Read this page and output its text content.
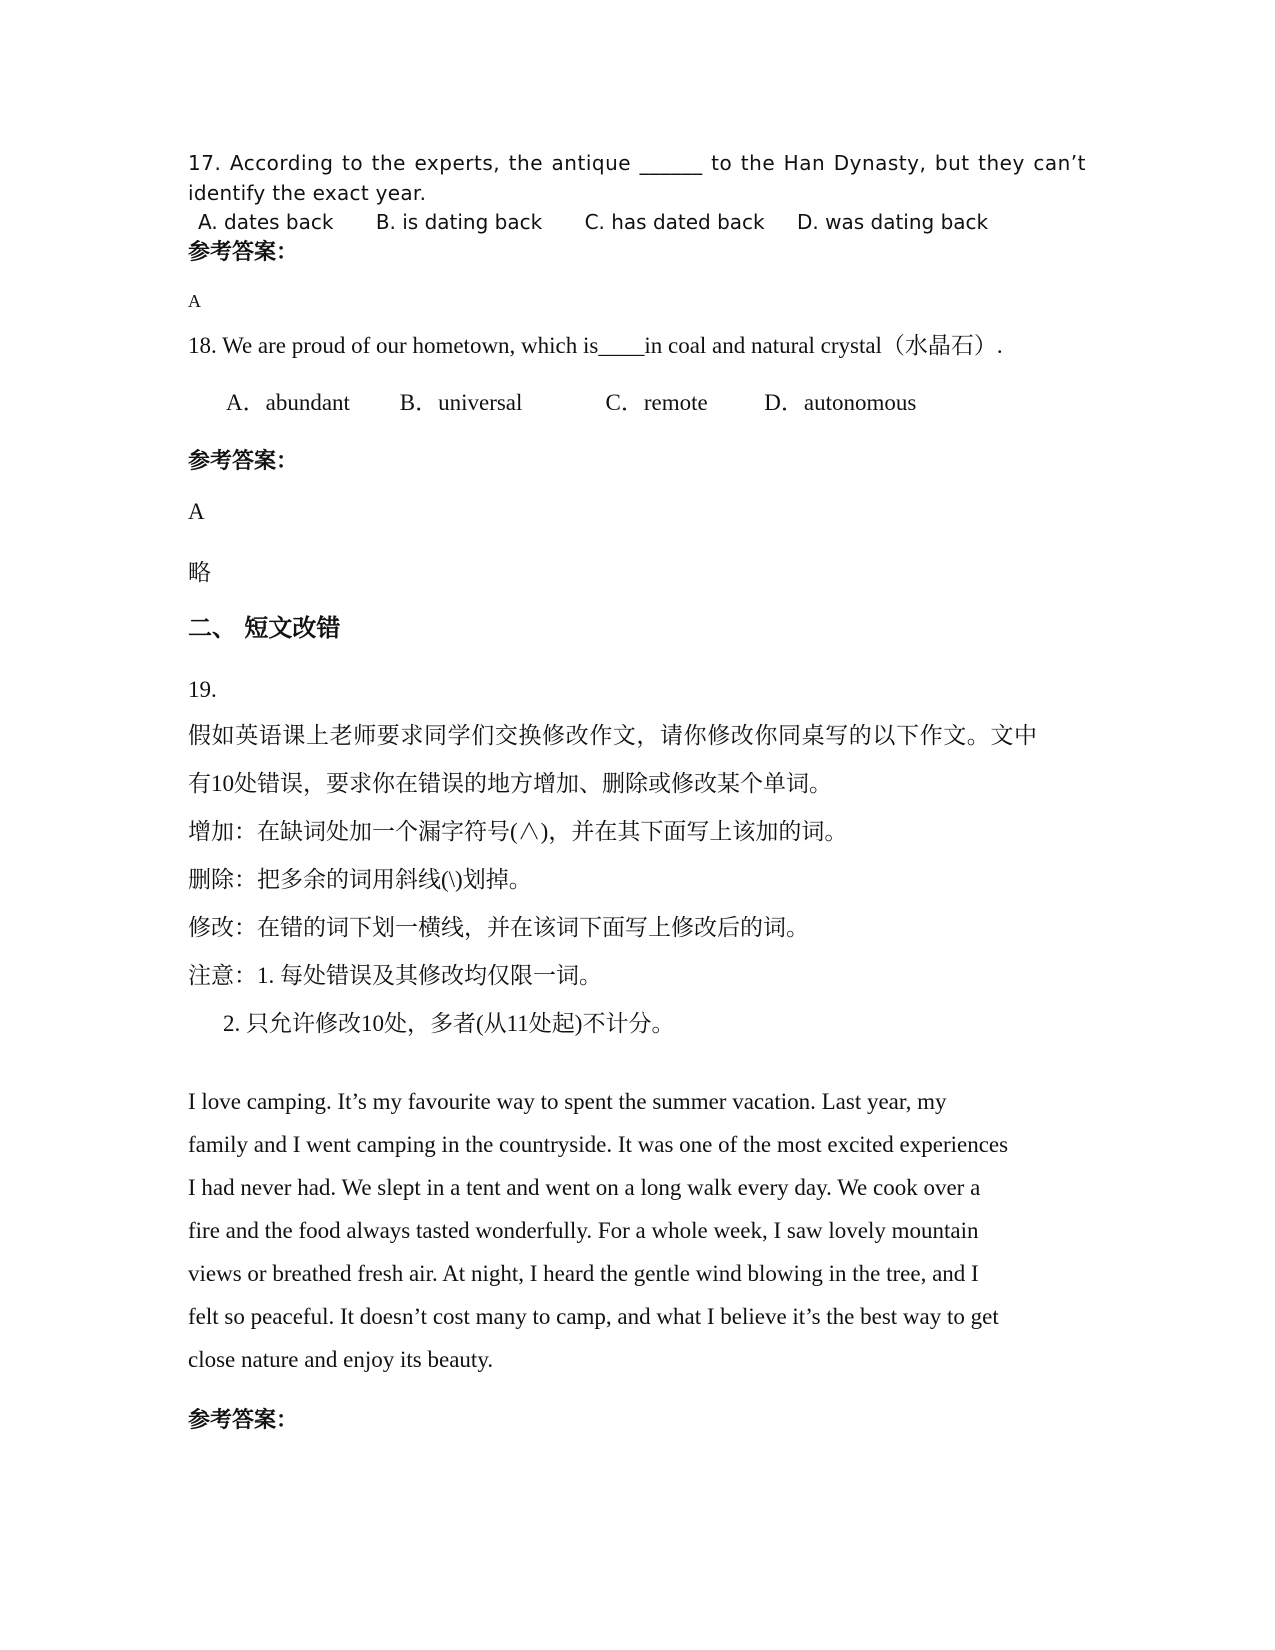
17. According to the experts, the antique ______ to the Han Dynasty, but they can’t
identify the exact year.
A. dates back B. is dating back C. has dated back D. was dating back
参考答案：
A
18. We are proud of our hometown, which is____in coal and natural crystal（水晶石）.
A．abundant B．universal	C．remote D．autonomous
参考答案：
A
略
二、 短文改错
19.
假如英语课上老师要求同学们交换修改作文，请你修改你同桌写的以下作文。文中
有10处错误，要求你在错误的地方增加、删除或修改某个单词。
增加：在缺词处加一个漏字符号(∧)，并在其下面写上该加的词。
删除：把多余的词用斜线(\)划掉。
修改：在错的词下划一横线，并在该词下面写上修改后的词。
注意：1. 每处错误及其修改均仅限一词。
2. 只允许修改10处，多者(从11处起)不计分。

I love camping. It’s my favourite way to spent the summer vacation. Last year, my

family and I went camping in the countryside. It was one of the most excited experiences

I had never had. We slept in a tent and went on a long walk every day. We cook over a

fire and the food always tasted wonderfully. For a whole week, I saw lovely mountain

views or breathed fresh air. At night, I heard the gentle wind blowing in the tree, and I

felt so peaceful. It doesn’t cost many to camp, and what I believe it’s the best way to get

close nature and enjoy its beauty.

参考答案：
